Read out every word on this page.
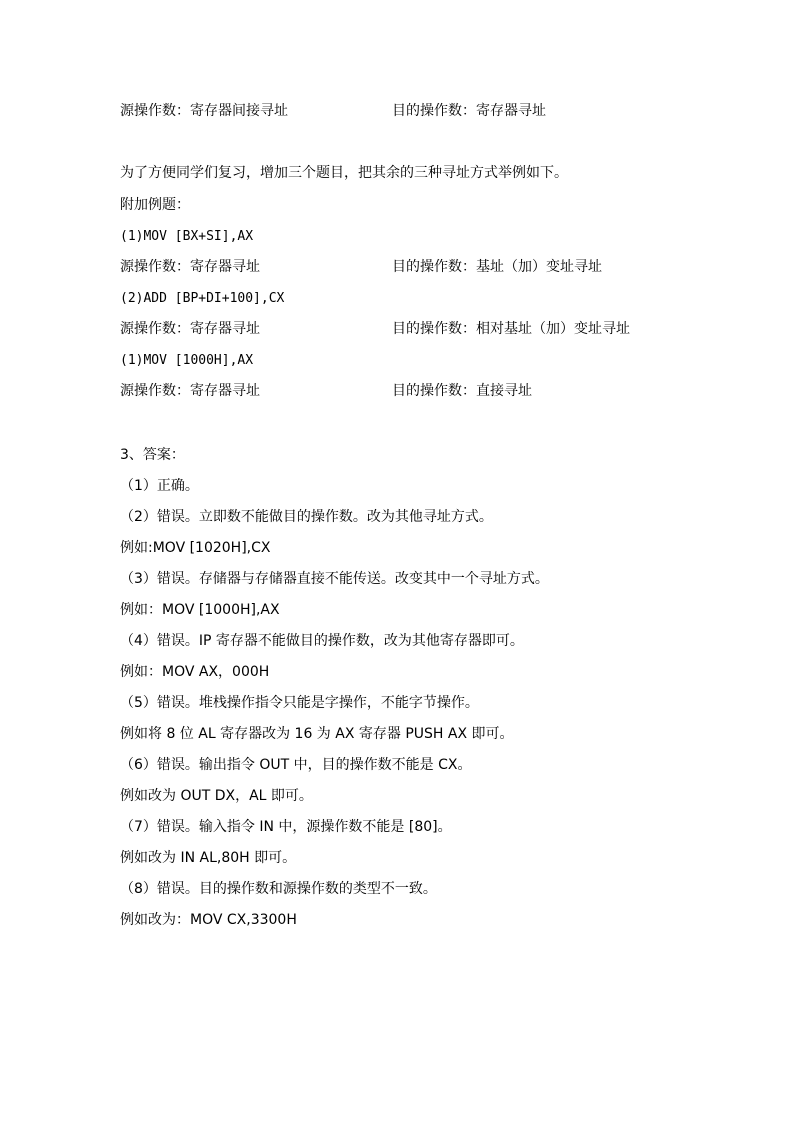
源操作数：寄存器间接寻址	目的操作数：寄存器寻址
为了方便同学们复习，增加三个题目，把其余的三种寻址方式举例如下。
附加例题：
(1)MOV [BX+SI],AX
源操作数：寄存器寻址	目的操作数：基址（加）变址寻址
(2)ADD [BP+DI+100],CX
源操作数：寄存器寻址	目的操作数：相对基址（加）变址寻址
(1)MOV [1000H],AX
源操作数：寄存器寻址	目的操作数：直接寻址
3、答案：
（1）正确。
（2）错误。立即数不能做目的操作数。改为其他寻址方式。
例如:MOV [1020H],CX
（3）错误。存储器与存储器直接不能传送。改变其中一个寻址方式。
例如：MOV [1000H],AX
（4）错误。IP 寄存器不能做目的操作数，改为其他寄存器即可。
例如：MOV AX，000H
（5）错误。堆栈操作指令只能是字操作，不能字节操作。
例如将 8 位 AL 寄存器改为 16 为 AX 寄存器 PUSH AX 即可。
（6）错误。输出指令 OUT 中，目的操作数不能是 CX。
例如改为 OUT DX，AL 即可。
（7）错误。输入指令 IN 中，源操作数不能是 [80]。
例如改为 IN AL,80H 即可。
（8）错误。目的操作数和源操作数的类型不一致。
例如改为：MOV CX,3300H
